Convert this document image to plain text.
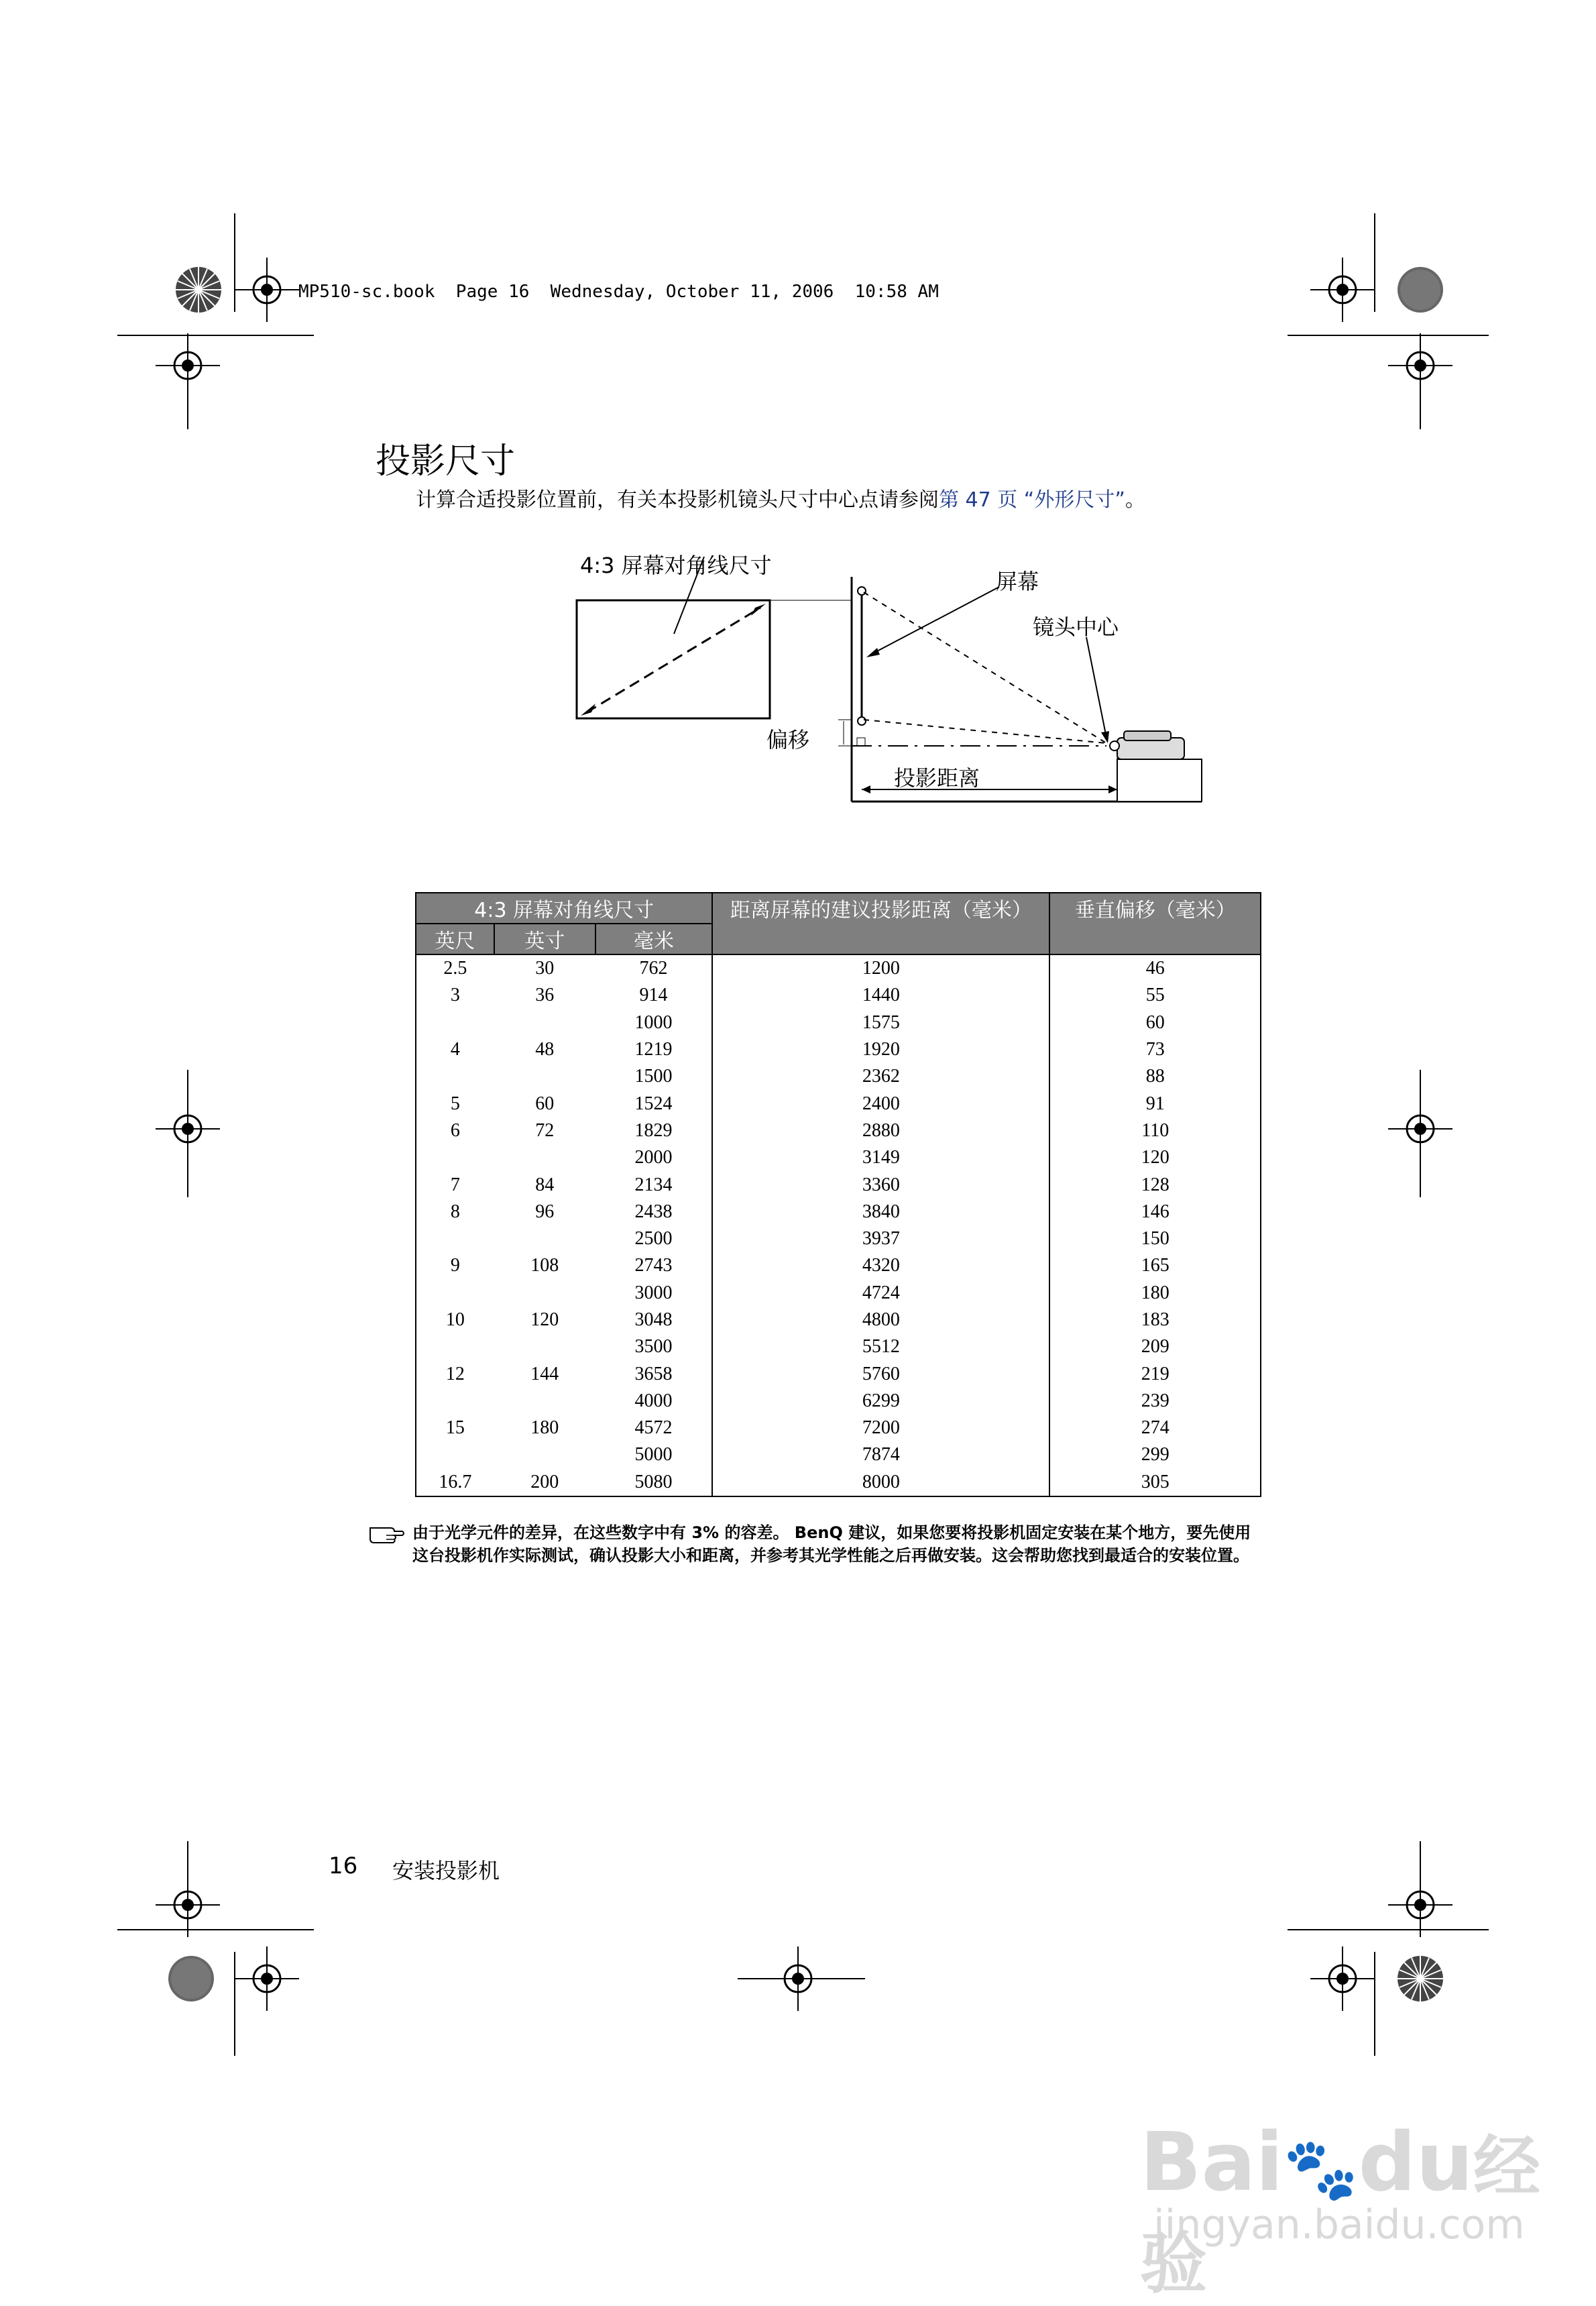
MP510-sc.book  Page 16  Wednesday, October 11, 2006  10:58 AM
投影尺寸
计算合适投影位置前，有关本投影机镜头尺寸中心点请参阅第 47 页 “外形尺寸”。
4:3 屏幕对角线尺寸
屏幕
镜头中心
偏移
投影距离
4:3 屏幕对角线尺寸			距离屏幕的建议投影距离（毫米）	垂直偏移（毫米）
英尺	英寸	毫米		
2.5	30	762	1200	46
3	36	914	1440	55
		1000	1575	60
4	48	1219	1920	73
		1500	2362	88
5	60	1524	2400	91
6	72	1829	2880	110
		2000	3149	120
7	84	2134	3360	128
8	96	2438	3840	146
		2500	3937	150
9	108	2743	4320	165
		3000	4724	180
10	120	3048	4800	183
		3500	5512	209
12	144	3658	5760	219
		4000	6299	239
15	180	4572	7200	274
		5000	7874	299
16.7	200	5080	8000	305
由于光学元件的差异，在这些数字中有 3% 的容差。 BenQ 建议，如果您要将投影机固定安装在某个地方，要先使用这台投影机作实际测试，确认投影大小和距离，并参考其光学性能之后再做安装。这会帮助您找到最适合的安装位置。
16 安装投影机
Bai🐾du经验
jingyan.baidu.com
